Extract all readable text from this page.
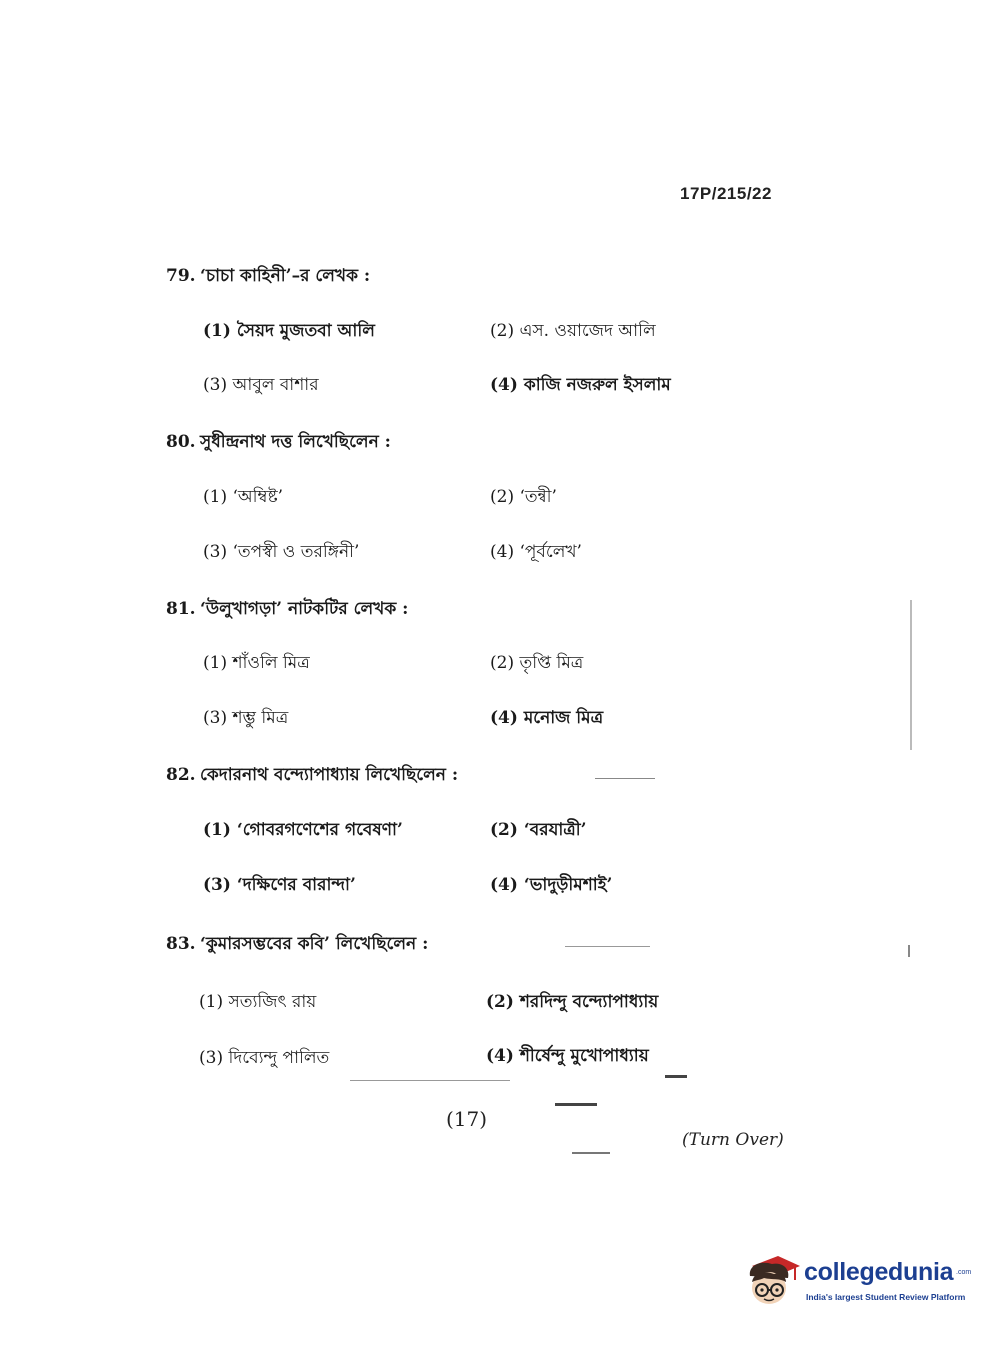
17P/215/22
79. ‘চাচা কাহিনী’–র লেখক :
(1) সৈয়দ মুজতবা আলি	(2) এস. ওয়াজেদ আলি
(3) আবুল বাশার	(4) কাজি নজরুল ইসলাম
80. সুধীন্দ্রনাথ দত্ত লিখেছিলেন :
(1) ‘অম্বিষ্ট’	(2) ‘তন্বী’
(3) ‘তপস্বী ও তরঙ্গিনী’	(4) ‘পূর্বলেখ’
81. ‘উলুখাগড়া’ নাটকটির লেখক :
(1) শাঁওলি মিত্র	(2) তৃপ্তি মিত্র
(3) শম্ভু মিত্র	(4) মনোজ মিত্র
82. কেদারনাথ বন্দ্যোপাধ্যায় লিখেছিলেন :
(1) ‘গোবরগণেশের গবেষণা’	(2) ‘বরযাত্রী’
(3) ‘দক্ষিণের বারান্দা’	(4) ‘ভাদুড়ীমশাই’
83. ‘কুমারসম্ভবের কবি’ লিখেছিলেন :
(1) সত্যজিৎ রায়	(2) শরদিন্দু বন্দ্যোপাধ্যায়
(3) দিব্যেন্দু পালিত	(4) শীর্ষেন্দু মুখোপাধ্যায়
(17)
(Turn Over)
collegedunia .com
India's largest Student Review Platform
